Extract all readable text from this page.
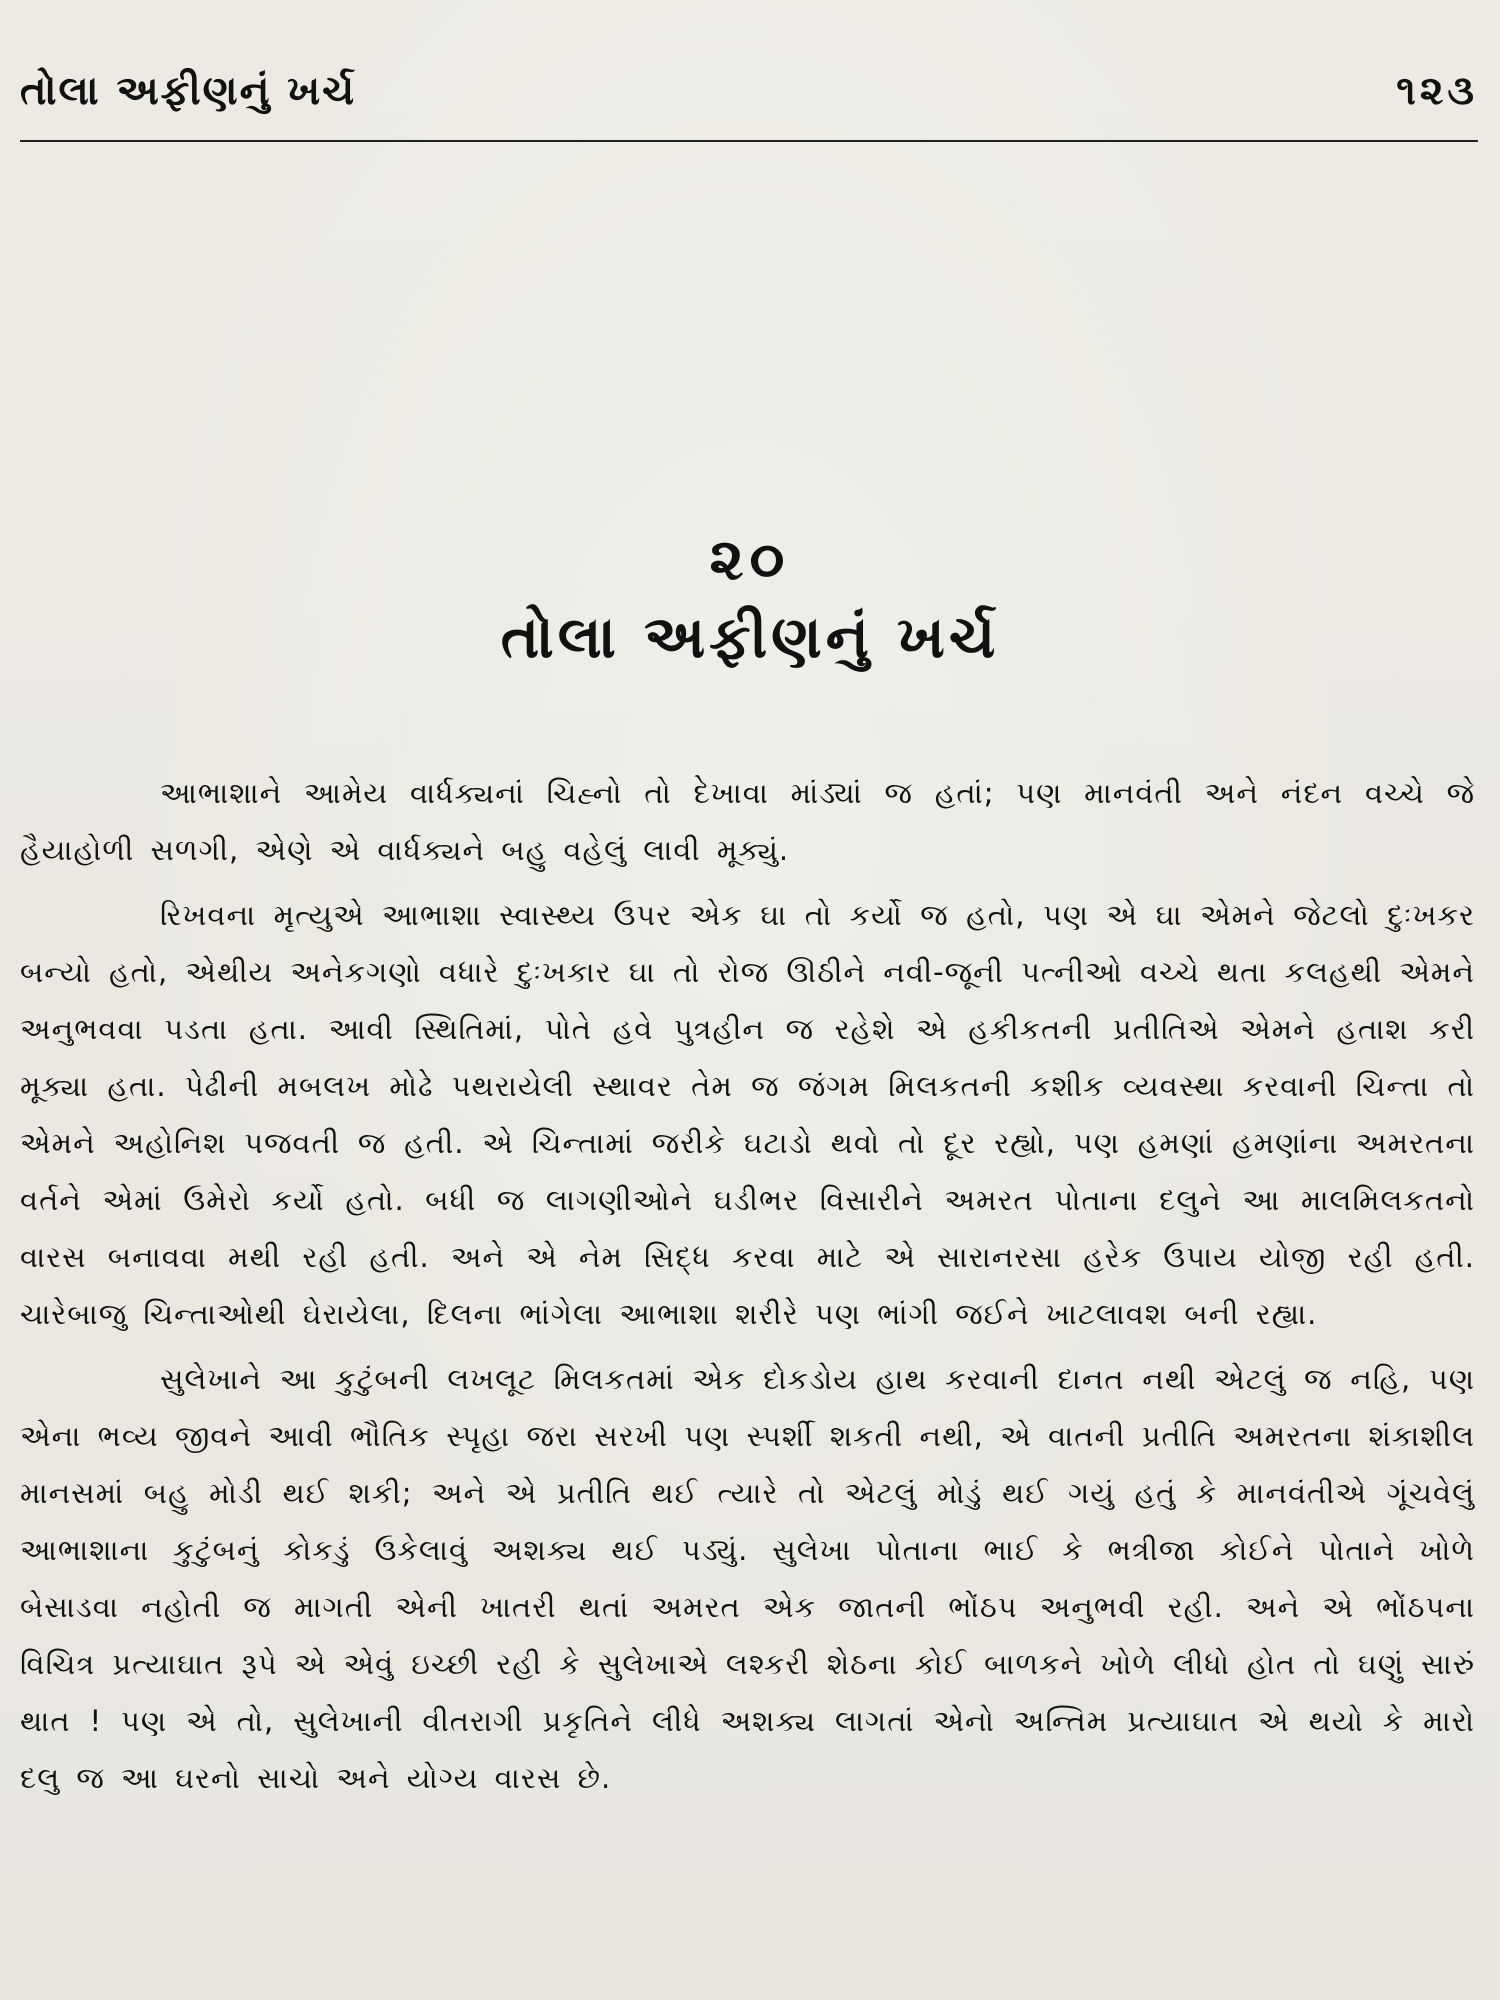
તોલા અફીણનું ખર્ચ	૧૨૩
૨૦
તોલા અફીણનું ખર્ચ

આભાશાને આમેય વાર્ધક્યનાં ચિહ્નો તો દેખાવા માંડ્યાં જ હતાં; પણ માનવંતી અને નંદન વચ્ચે જે હૈયાહોળી સળગી, એણે એ વાર્ધક્યને બહુ વહેલું લાવી મૂક્યું.

રિખવના મૃત્યુએ આભાશા સ્વાસ્થ્ય ઉપર એક ઘા તો કર્યો જ હતો, પણ એ ઘા એમને જેટલો દુઃખકર બન્યો હતો, એથીય અનેકગણો વધારે દુઃખકાર ઘા તો રોજ ઊઠીને નવી-જૂની પત્નીઓ વચ્ચે થતા કલહથી એમને અનુભવવા પડતા હતા. આવી સ્થિતિમાં, પોતે હવે પુત્રહીન જ રહેશે એ હકીકતની પ્રતીતિએ એમને હતાશ કરી મૂક્યા હતા. પેઢીની મબલખ મોઢે પથરાયેલી સ્થાવર તેમ જ જંગમ મિલકતની કશીક વ્યવસ્થા કરવાની ચિન્તા તો એમને અહોનિશ પજવતી જ હતી. એ ચિન્તામાં જરીકે ઘટાડો થવો તો દૂર રહ્યો, પણ હમણાં હમણાંના અમરતના વર્તને એમાં ઉમેરો કર્યો હતો. બધી જ લાગણીઓને ઘડીભર વિસારીને અમરત પોતાના દલુને આ માલમિલકતનો વારસ બનાવવા મથી રહી હતી. અને એ નેમ સિદ્ધ કરવા માટે એ સારાનરસા હરેક ઉપાય યોજી રહી હતી. ચારેબાજુ ચિન્તાઓથી ઘેરાયેલા, દિલના ભાંગેલા આભાશા શરીરે પણ ભાંગી જઈને ખાટલાવશ બની રહ્યા.

સુલેખાને આ કુટુંબની લખલૂટ મિલકતમાં એક દોકડોય હાથ કરવાની દાનત નથી એટલું જ નહિ, પણ એના ભવ્ય જીવને આવી ભૌતિક સ્પૃહા જરા સરખી પણ સ્પર્શી શકતી નથી, એ વાતની પ્રતીતિ અમરતના શંકાશીલ માનસમાં બહુ મોડી થઈ શકી; અને એ પ્રતીતિ થઈ ત્યારે તો એટલું મોડું થઈ ગયું હતું કે માનવંતીએ ગૂંચવેલું આભાશાના કુટુંબનું કોકડું ઉકેલાવું અશક્ય થઈ પડ્યું. સુલેખા પોતાના ભાઈ કે ભત્રીજા કોઈને પોતાને ખોળે બેસાડવા નહોતી જ માગતી એની ખાતરી થતાં અમરત એક જાતની ભોંઠપ અનુભવી રહી. અને એ ભોંઠપના વિચિત્ર પ્રત્યાઘાત રૂપે એ એવું ઇચ્છી રહી કે સુલેખાએ લશ્કરી શેઠના કોઈ બાળકને ખોળે લીધો હોત તો ઘણું સારું થાત ! પણ એ તો, સુલેખાની વીતરાગી પ્રકૃતિને લીધે અશક્ય લાગતાં એનો અન્તિમ પ્રત્યાઘાત એ થયો કે મારો દલુ જ આ ઘરનો સાચો અને યોગ્ય વારસ છે.
